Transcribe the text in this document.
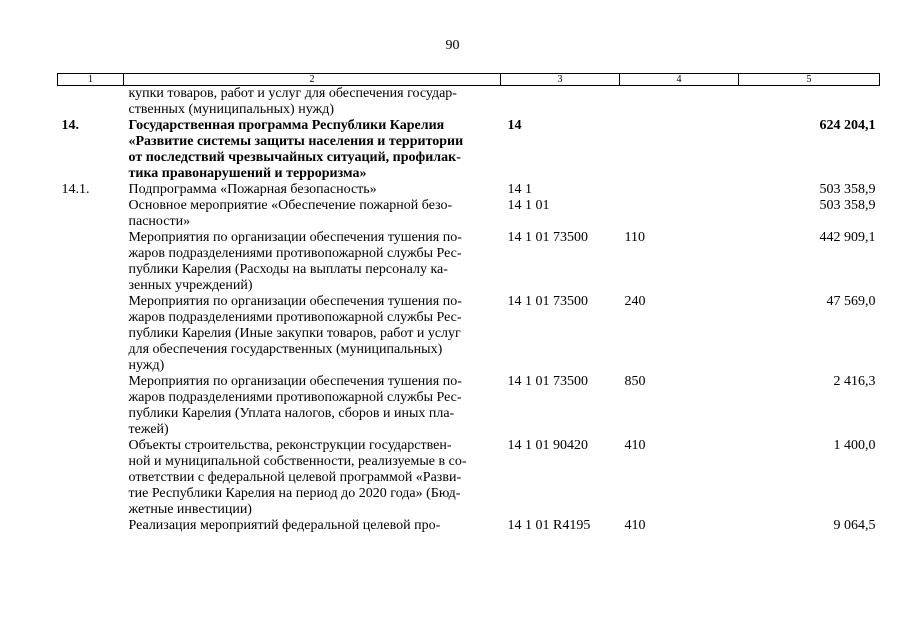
90
1	2	3	4	5
	купки товаров, работ и услуг для обеспечения государ-
ственных (муниципальных) нужд)			
14.	Государственная программа Республики Карелия
«Развитие системы защиты населения и территории
от последствий чрезвычайных ситуаций, профилак-
тика правонарушений и терроризма»	14		624 204,1
14.1.	Подпрограмма «Пожарная безопасность»	14 1		503 358,9
	Основное мероприятие «Обеспечение пожарной безо-
пасности»	14 1 01		503 358,9
	Мероприятия по организации обеспечения тушения по-
жаров подразделениями противопожарной службы Рес-
публики Карелия (Расходы на выплаты персоналу ка-
зенных учреждений)	14 1 01 73500	110	442 909,1
	Мероприятия по организации обеспечения тушения по-
жаров подразделениями противопожарной службы Рес-
публики Карелия (Иные закупки товаров, работ и услуг
для обеспечения государственных (муниципальных)
нужд)	14 1 01 73500	240	47 569,0
	Мероприятия по организации обеспечения тушения по-
жаров подразделениями противопожарной службы Рес-
публики Карелия (Уплата налогов, сборов и иных пла-
тежей)	14 1 01 73500	850	2 416,3
	Объекты строительства, реконструкции государствен-
ной и муниципальной собственности, реализуемые в со-
ответствии с федеральной целевой программой «Разви-
тие Республики Карелия на период до 2020 года» (Бюд-
жетные инвестиции)	14 1 01 90420	410	1 400,0
	Реализация мероприятий федеральной целевой про-	14 1 01 R4195	410	9 064,5
